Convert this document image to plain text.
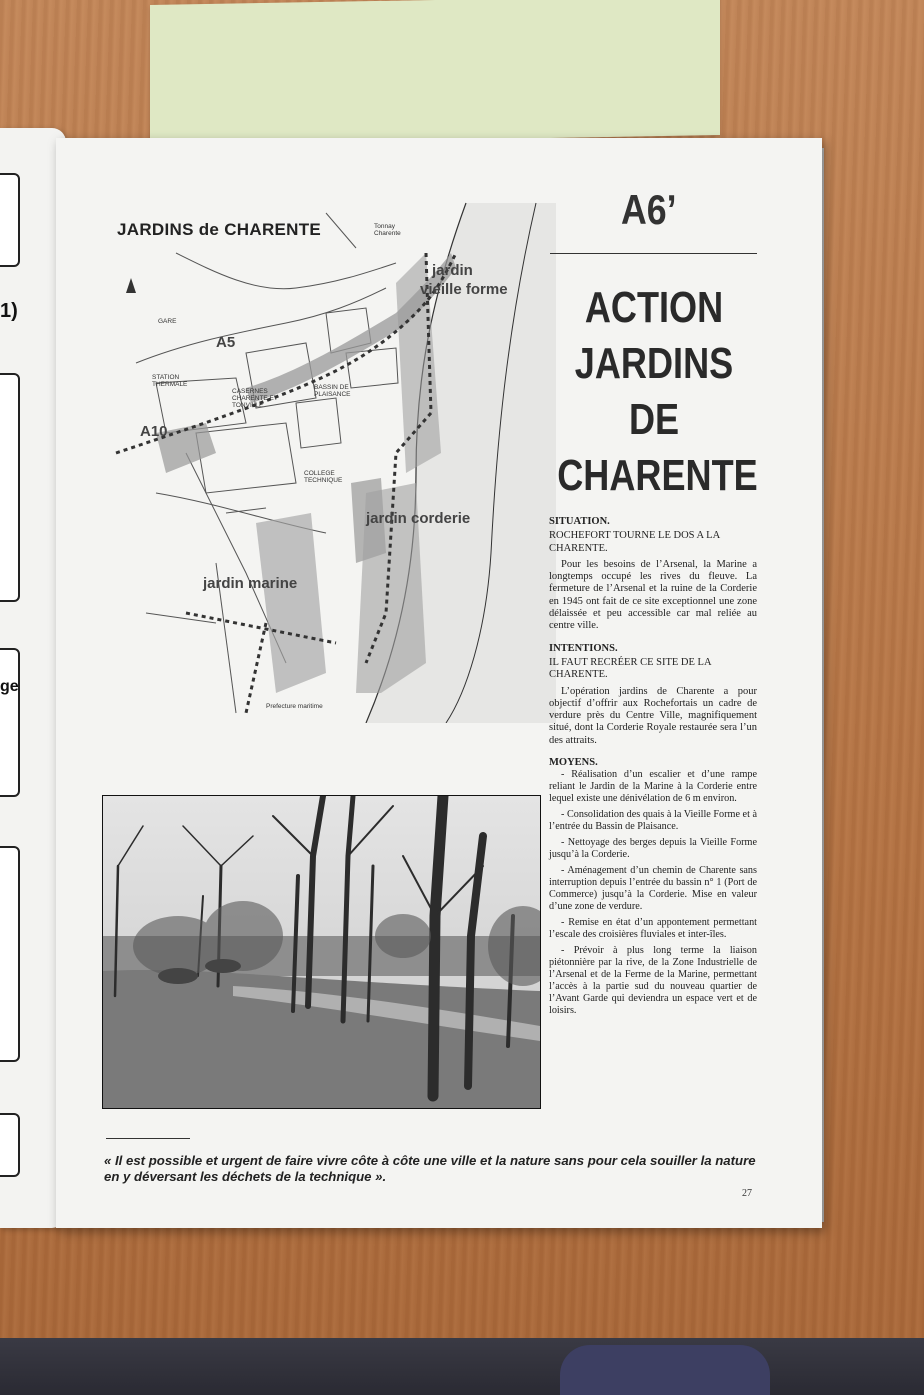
1)
ge
JARDINS de CHARENTE
jardin
vieille forme
A5
A10
jardin corderie
jardin marine
GARE
STATION THERMALE
CASERNES CHARENTE ET TONVILLE
BASSIN DE PLAISANCE
COLLEGE TECHNIQUE
Prefecture maritime
Tonnay Charente
A6’
ACTION
JARDINS
DE
CHARENTE

SITUATION.

ROCHEFORT TOURNE LE DOS A LA CHARENTE.

Pour les besoins de l’Arsenal, la Marine a longtemps occupé les rives du fleuve. La fermeture de l’Arsenal et la ruine de la Corderie en 1945 ont fait de ce site exceptionnel une zone délaissée et peu accessible car mal reliée au centre ville.

INTENTIONS.

IL FAUT RECRÉER CE SITE DE LA CHARENTE.

L’opération jardins de Charente a pour objectif d’offrir aux Rochefortais un cadre de verdure près du Centre Ville, magnifiquement situé, dont la Corderie Royale restaurée sera l’un des attraits.

MOYENS.

- Réalisation d’un escalier et d’une rampe reliant le Jardin de la Marine à la Corderie entre lequel existe une dénivélation de 6 m environ.

- Consolidation des quais à la Vieille Forme et à l’entrée du Bassin de Plaisance.

- Nettoyage des berges depuis la Vieille Forme jusqu’à la Corderie.

- Aménagement d’un chemin de Charente sans interruption depuis l’entrée du bassin n° 1 (Port de Commerce) jusqu’à la Corderie. Mise en valeur d’une zone de verdure.

- Remise en état d’un appontement permettant l’escale des croisières fluviales et inter-îles.

- Prévoir à plus long terme la liaison piétonnière par la rive, de la Zone Industrielle de l’Arsenal et de la Ferme de la Marine, permettant l’accès à la partie sud du nouveau quartier de l’Avant Garde qui deviendra un espace vert et de loisirs.

« Il est possible et urgent de faire vivre côte à côte une ville et la nature sans pour cela souiller la nature en y déversant les déchets de la technique ».
27
